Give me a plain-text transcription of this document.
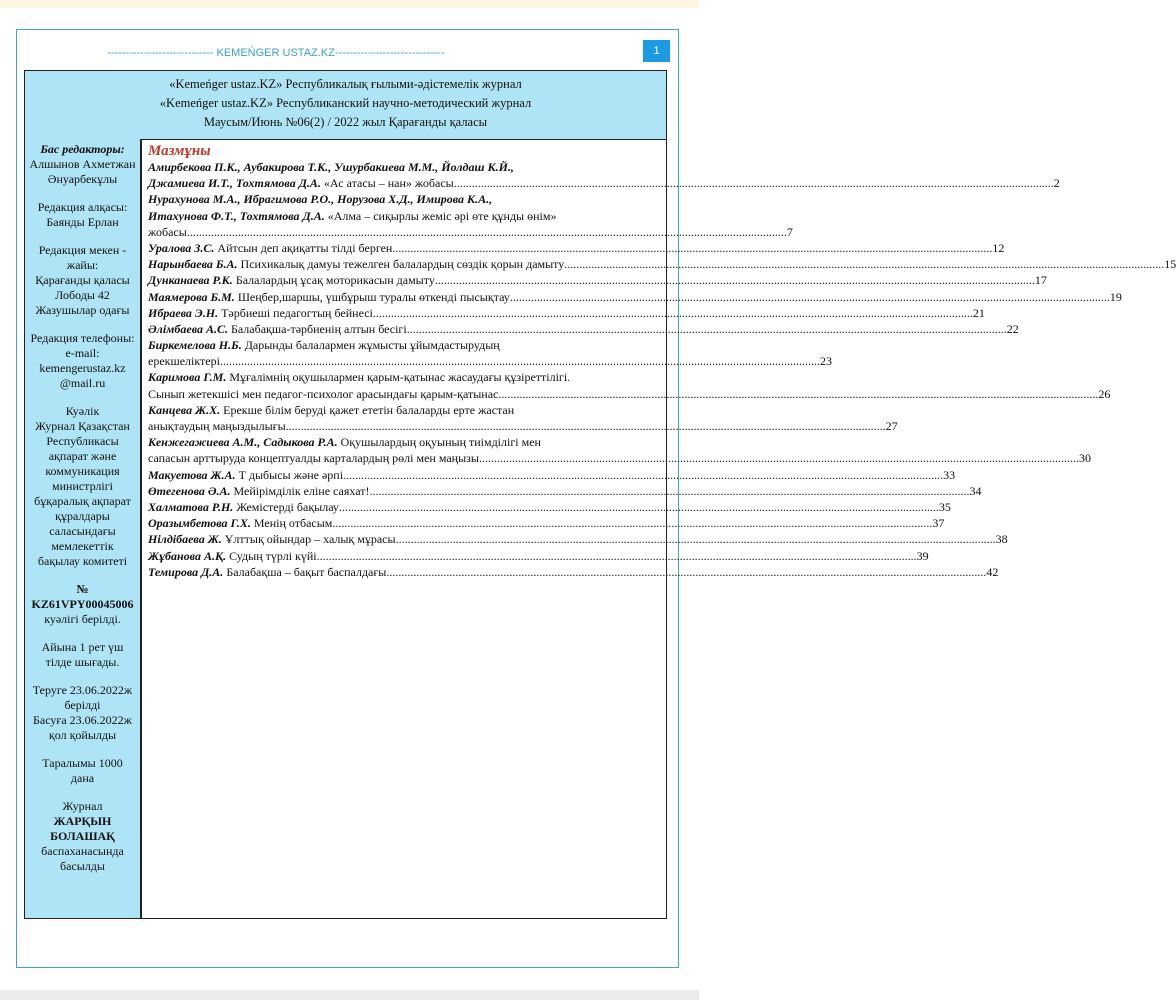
----------------------------- KEMEŃGER USTAZ.KZ------------------------------	1
«Kemeńger ustaz.KZ» Республикалық ғылыми-әдістемелік журнал
«Kemeńger ustaz.KZ» Республиканский научно-методический журнал
Маусым/Июнь №06(2) / 2022 жыл Қарағанды қаласы
Бас редакторы:
Алшынов Ахметжан
Әнуарбекұлы
Редакция алқасы:
Баянды Ерлан
Редакция мекен -
жайы:
Қарағанды қаласы
Лободы 42
Жазушылар одағы
Редакция телефоны:
e-mail:
kemengerustaz.kz
@mail.ru
Куәлік
Журнал Қазақстан
Республикасы
ақпарат және
коммуникация
министрлігі
бұқаралық ақпарат
құралдары
саласындағы
мемлекеттік
бақылау комитеті
№
KZ61VPY00045006
куәлігі берілді.
Айына 1 рет үш
тілде шығады.
Теруге 23.06.2022ж
берілді
Басуға 23.06.2022ж
қол қойылды
Таралымы 1000
дана
Журнал
ЖАРҚЫН
БОЛАШАҚ
баспаханасында
басылды
Мазмұны
Амирбекова П.К., Аубакирова Т.К., Ушурбакиева М.М., Йолдаш К.Й.,
Джамиева И.Т., Тохтямова Д.А. «Ас атасы – нан» жобасы ........................................................................................................................................................................................................ 2
Нурахунова М.А., Ибрагимова Р.О., Норузова Х.Д., Имирова К.А.,
Итахунова Ф.Т., Тохтямова Д.А. «Алма – сиқырлы жеміс әрі өте құнды өнім»
жобасы ........................................................................................................................................................................................................ 7
Уралова З.С. Айтсын деп ақиқатты тілді берген ........................................................................................................................................................................................................ 12
Нарынбаева Б.А. Психикалық дамуы тежелген балалардың сөздік қорын дамыту ........................................................................................................................................................................................................ 15
Дунканаева Р.К. Балалардың ұсақ моторикасын дамыту ........................................................................................................................................................................................................ 17
Маямерова Б.М. Шеңбер,шаршы, үшбұрыш туралы өткенді пысықтау ........................................................................................................................................................................................................ 19
Ибраева Э.Н. Тәрбиеші педагогтың бейнесі ........................................................................................................................................................................................................ 21
Әлімбаева А.С. Балабақша-тәрбиенің алтын бесігі ........................................................................................................................................................................................................ 22
Биркемелова Н.Б. Дарынды балалармен жұмысты ұйымдастырудың
ерекшеліктері ........................................................................................................................................................................................................ 23
Каримова Г.М. Мұғалімнің оқушылармен қарым-қатынас жасаудағы құзіреттілігі.
Сынып жетекшісі мен педагог-психолог арасындағы қарым-қатынас ........................................................................................................................................................................................................ 26
Канцева Ж.Х. Ерекше білім беруді қажет ететін балаларды ерте жастан
анықтаудың маңыздылығы ........................................................................................................................................................................................................ 27
Кенжегажиева А.М., Садыкова Р.А. Оқушылардың оқуының тиімділігі мен
сапасын арттыруда концептуалды карталардың рөлі мен маңызы ........................................................................................................................................................................................................ 30
Макуетова Ж.А. Т дыбысы және әрпі ........................................................................................................................................................................................................ 33
Өтегенова Ә.А. Мейірімділік еліне саяхат! ........................................................................................................................................................................................................ 34
Халматова Р.Н. Жемістерді бақылау ........................................................................................................................................................................................................ 35
Оразымбетова Г.Х. Менің отбасым ........................................................................................................................................................................................................ 37
Нілдібаева Ж. Ұлттық ойындар – халық мұрасы ........................................................................................................................................................................................................ 38
Жұбанова А.Қ. Судың түрлі күйі ........................................................................................................................................................................................................ 39
Темирова Д.А. Балабақша – бақыт баспалдағы ........................................................................................................................................................................................................ 42
